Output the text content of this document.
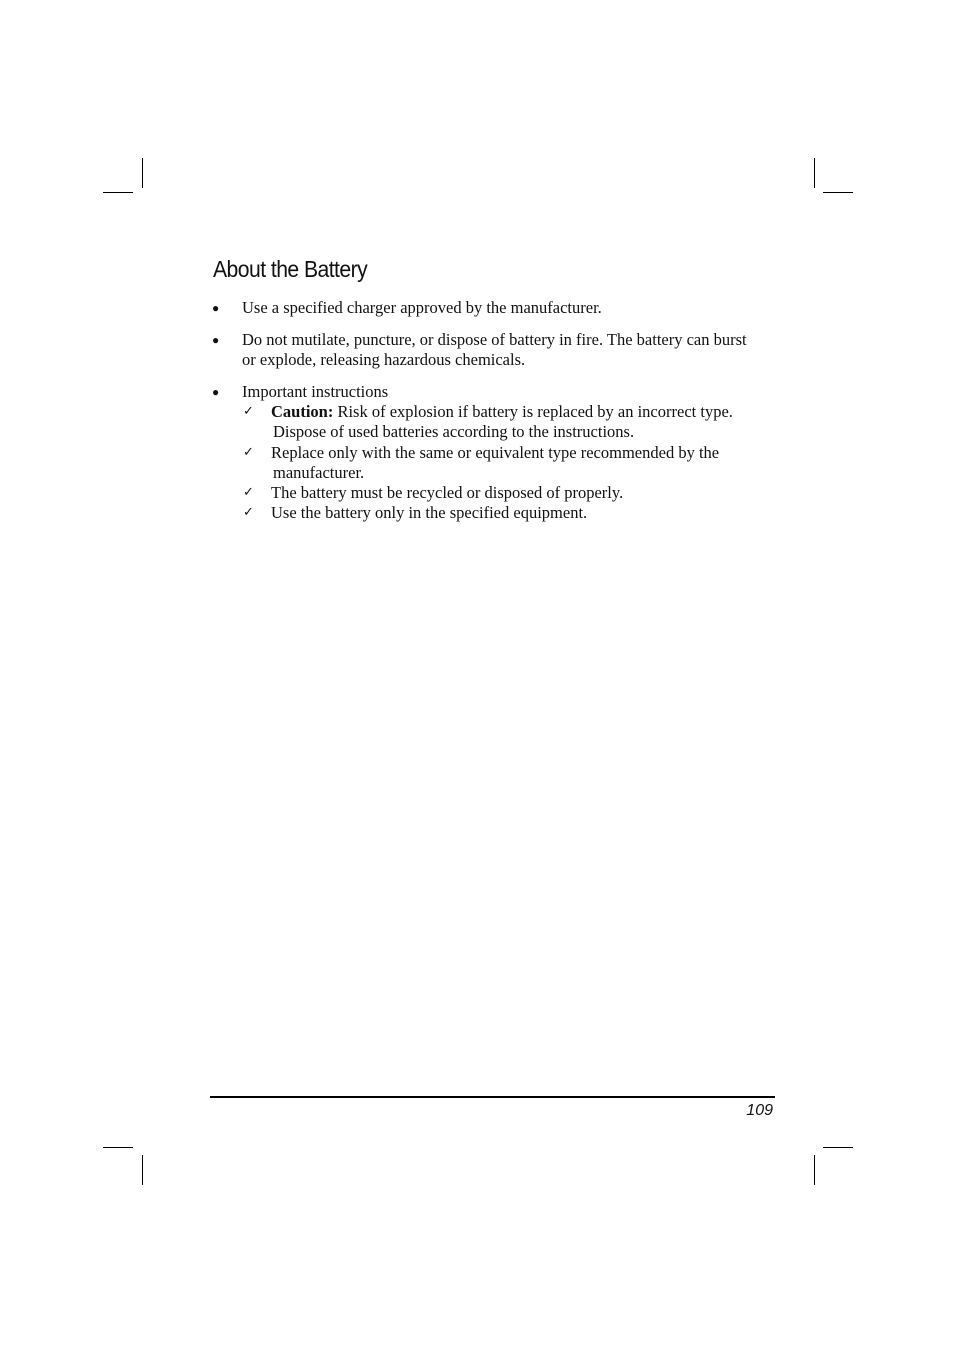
About the Battery
● Use a specified charger approved by the manufacturer.
● Do not mutilate, puncture, or dispose of battery in fire. The battery can burst
or explode, releasing hazardous chemicals.
● Important instructions
✓ Caution: Risk of explosion if battery is replaced by an incorrect type.
Dispose of used batteries according to the instructions.
✓ Replace only with the same or equivalent type recommended by the
manufacturer.
✓ The battery must be recycled or disposed of properly.
✓ Use the battery only in the specified equipment.
109
